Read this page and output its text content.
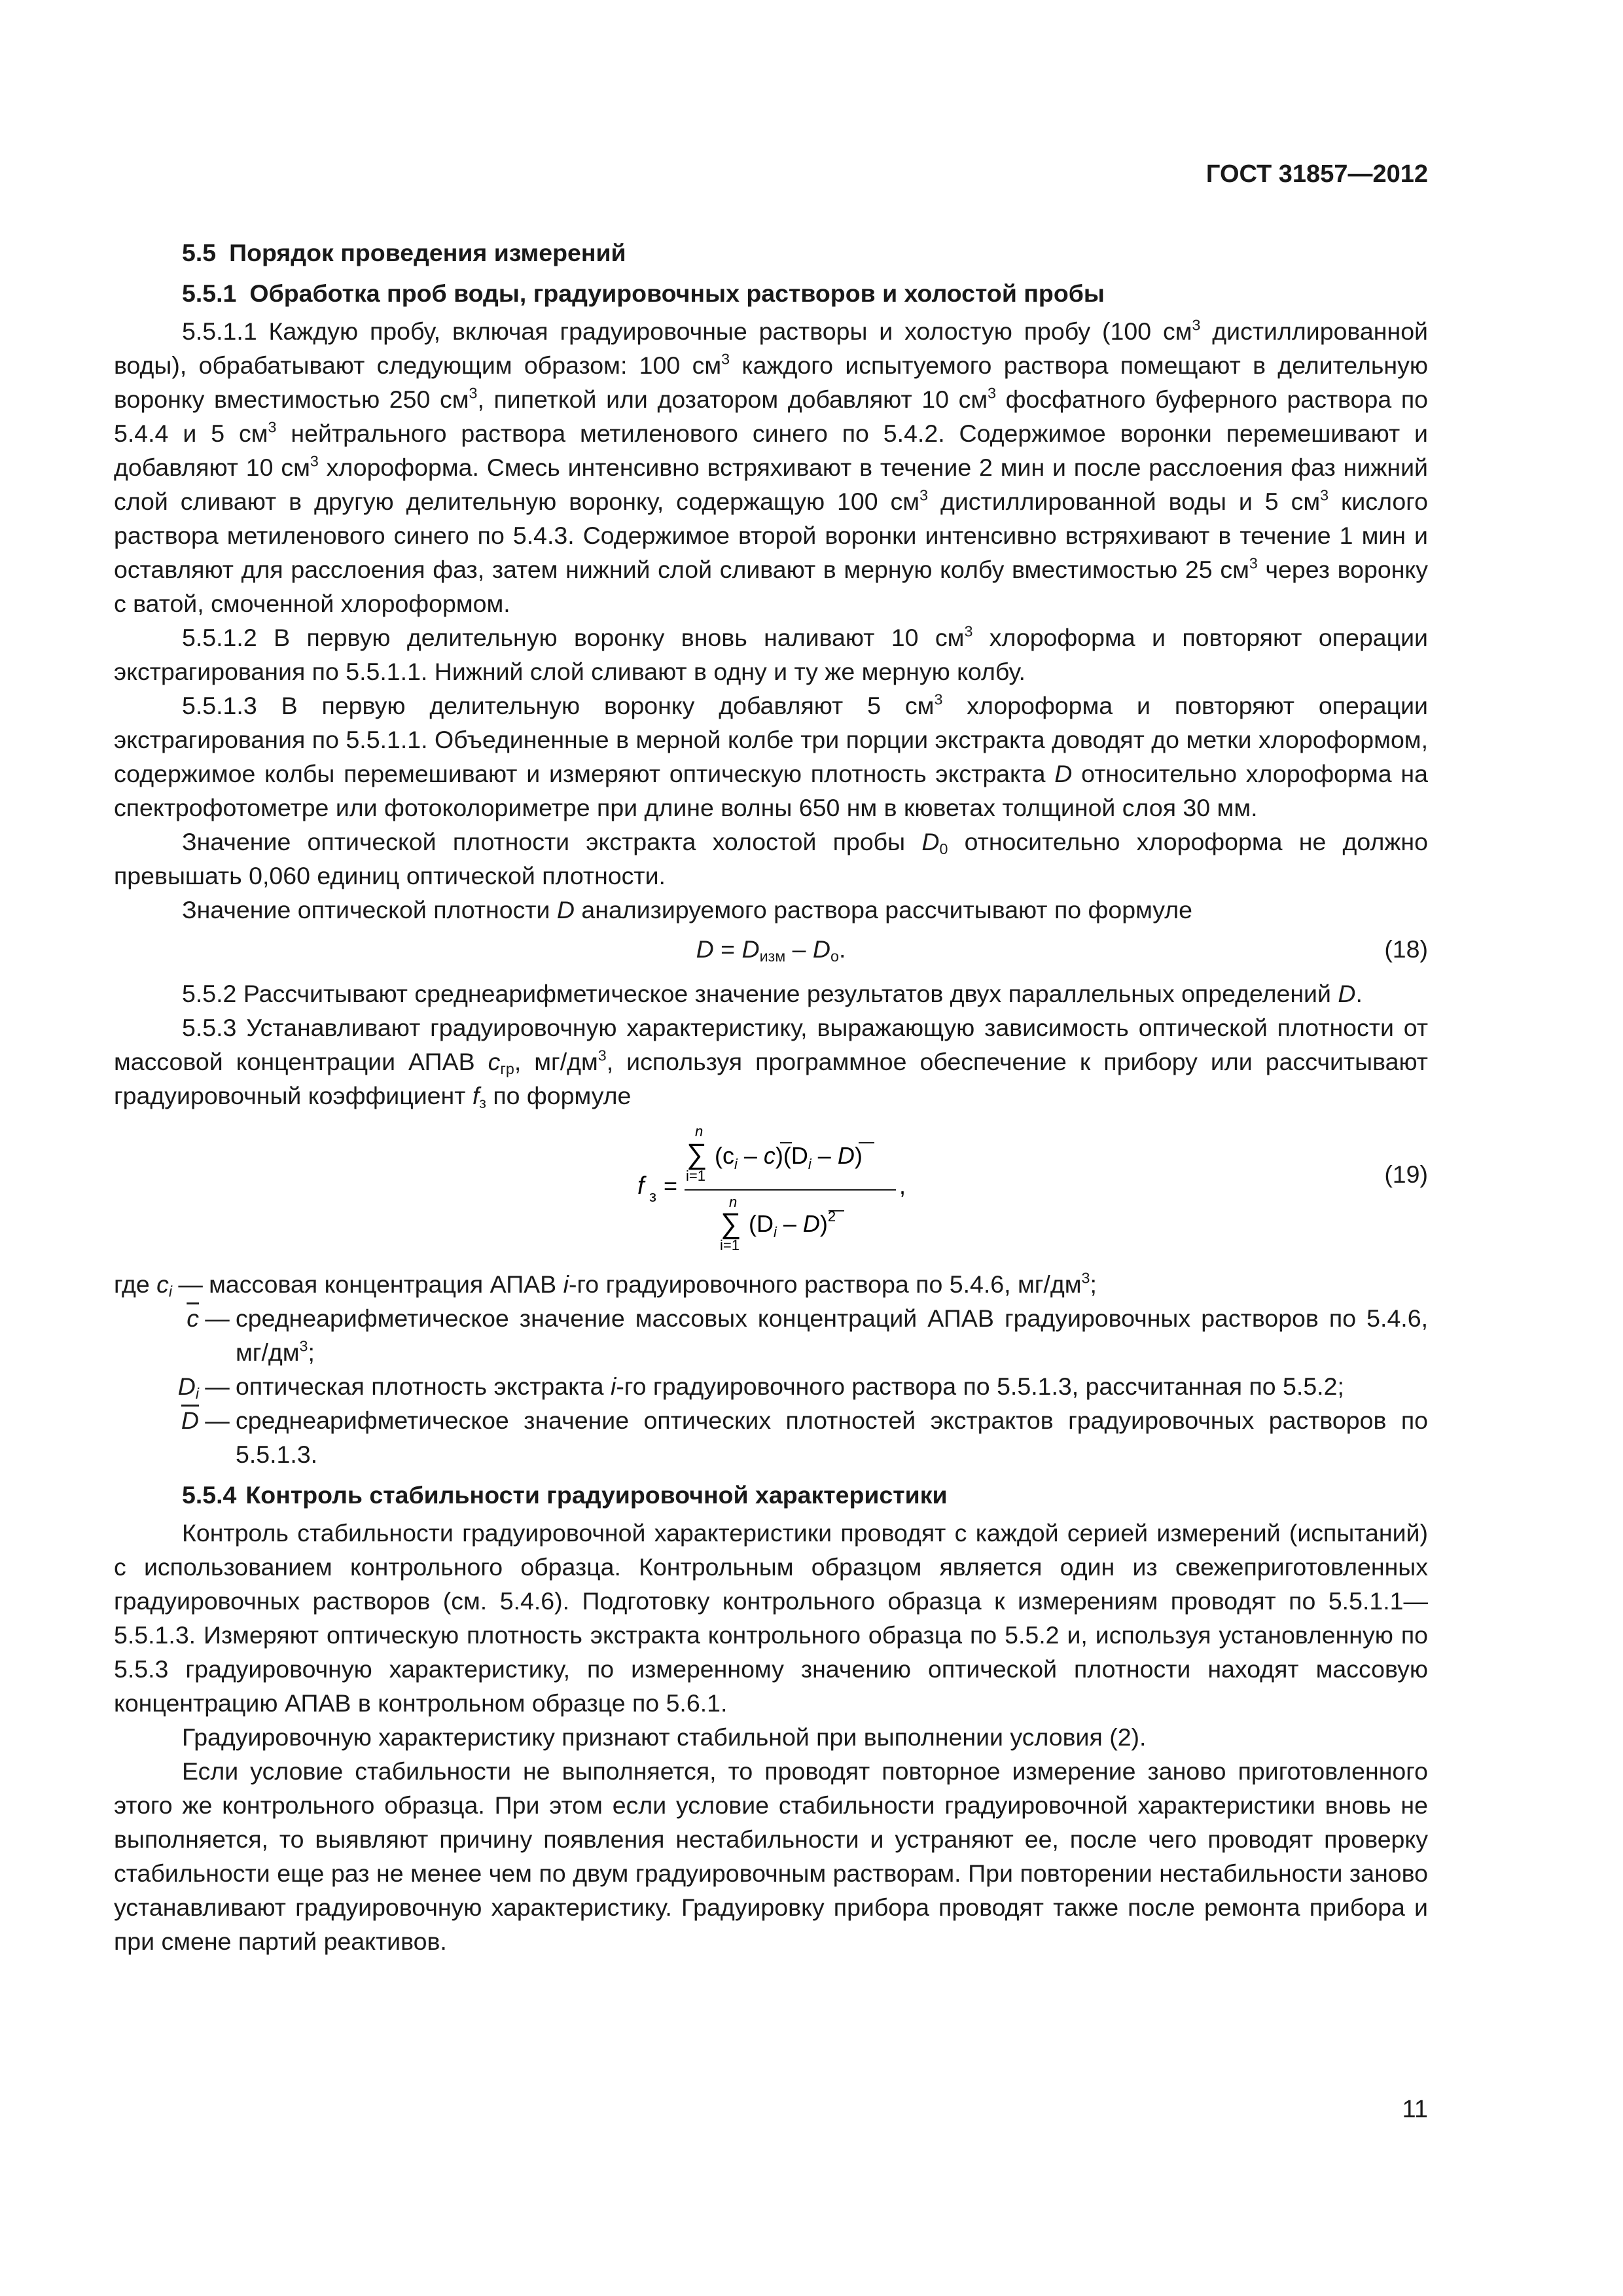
ГОСТ 31857—2012

5.5 Порядок проведения измерений

5.5.1 Обработка проб воды, градуировочных растворов и холостой пробы

5.5.1.1 Каждую пробу, включая градуировочные растворы и холостую пробу (100 $см^3$ дистиллированной воды), обрабатывают следующим образом: 100 $см^3$ каждого испытуемого раствора помещают в делительную воронку вместимостью 250 $см^3$, пипеткой или дозатором добавляют 10 $см^3$ фосфатного буферного раствора по 5.4.4 и 5 $см^3$ нейтрального раствора метиленового синего по 5.4.2. Содержимое воронки перемешивают и добавляют 10 $см^3$ хлороформа. Смесь интенсивно встряхивают в течение 2 мин и после расслоения фаз нижний слой сливают в другую делительную воронку, содержащую 100 $см^3$ дистиллированной воды и 5 $см^3$ кислого раствора метиленового синего по 5.4.3. Содержимое второй воронки интенсивно встряхивают в течение 1 мин и оставляют для расслоения фаз, затем нижний слой сливают в мерную колбу вместимостью 25 $см^3$ через воронку с ватой, смоченной хлороформом.

5.5.1.2 В первую делительную воронку вновь наливают 10 $см^3$ хлороформа и повторяют операции экстрагирования по 5.5.1.1. Нижний слой сливают в одну и ту же мерную колбу.

5.5.1.3 В первую делительную воронку добавляют 5 $см^3$ хлороформа и повторяют операции экстрагирования по 5.5.1.1. Объединенные в мерной колбе три порции экстракта доводят до метки хлороформом, содержимое колбы перемешивают и измеряют оптическую плотность экстракта D относительно хлороформа на спектрофотометре или фотоколориметре при длине волны 650 нм в кюветах толщиной слоя 30 мм.

Значение оптической плотности экстракта холостой пробы $D_0$ относительно хлороформа не должно превышать 0,060 единиц оптической плотности.

Значение оптической плотности D анализируемого раствора рассчитывают по формуле

$D = D_{изм} - D_о$.	(18)

5.5.2 Рассчитывают среднеарифметическое значение результатов двух параллельных определений D.

5.5.3 Устанавливают градуировочную характеристику, выражающую зависимость оптической плотности от массовой концентрации АПАВ $c_{гр}$, $мг/дм^3$, используя программное обеспечение к прибору или рассчитывают градуировочный коэффициент $f_з$ по формуле

f з =
n
∑
i=1
$(c_i - c)(D_i - D)$
,
n
∑
i=1
$(D_i - D)^2$
(19)
где $c_i$ — массовая концентрация АПАВ i-го градуировочного раствора по 5.4.6, $мг/дм^3$;
$\overline{c}$ — среднеарифметическое значение массовых концентраций АПАВ градуировочных растворов по 5.4.6, $мг/дм^3$;
$D_i$ — оптическая плотность экстракта i-го градуировочного раствора по 5.5.1.3, рассчитанная по 5.5.2;
$\overline{D}$ — среднеарифметическое значение оптических плотностей экстрактов градуировочных растворов по 5.5.1.3.

5.5.4 Контроль стабильности градуировочной характеристики

Контроль стабильности градуировочной характеристики проводят с каждой серией измерений (испытаний) с использованием контрольного образца. Контрольным образцом является один из свежеприготовленных градуировочных растворов (см. 5.4.6). Подготовку контрольного образца к измерениям проводят по 5.5.1.1—5.5.1.3. Измеряют оптическую плотность экстракта контрольного образца по 5.5.2 и, используя установленную по 5.5.3 градуировочную характеристику, по измеренному значению оптической плотности находят массовую концентрацию АПАВ в контрольном образце по 5.6.1.

Градуировочную характеристику признают стабильной при выполнении условия (2).

Если условие стабильности не выполняется, то проводят повторное измерение заново приготовленного этого же контрольного образца. При этом если условие стабильности градуировочной характеристики вновь не выполняется, то выявляют причину появления нестабильности и устраняют ее, после чего проводят проверку стабильности еще раз не менее чем по двум градуировочным растворам. При повторении нестабильности заново устанавливают градуировочную характеристику. Градуировку прибора проводят также после ремонта прибора и при смене партий реактивов.

11
